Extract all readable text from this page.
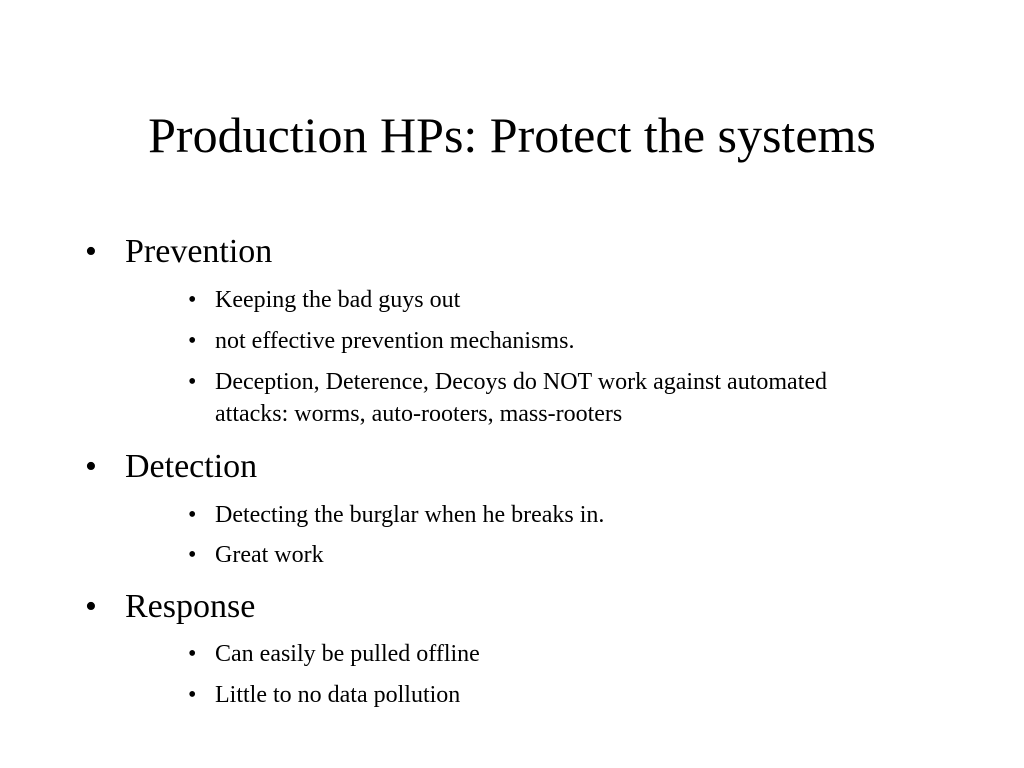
Production HPs: Protect the systems
• Prevention
• Keeping the bad guys out
• not effective prevention mechanisms.
• Deception, Deterence, Decoys do NOT work against automated attacks: worms, auto-rooters, mass-rooters
• Detection
• Detecting the burglar when he breaks in.
• Great work
• Response
• Can easily be pulled offline
• Little to no data pollution
